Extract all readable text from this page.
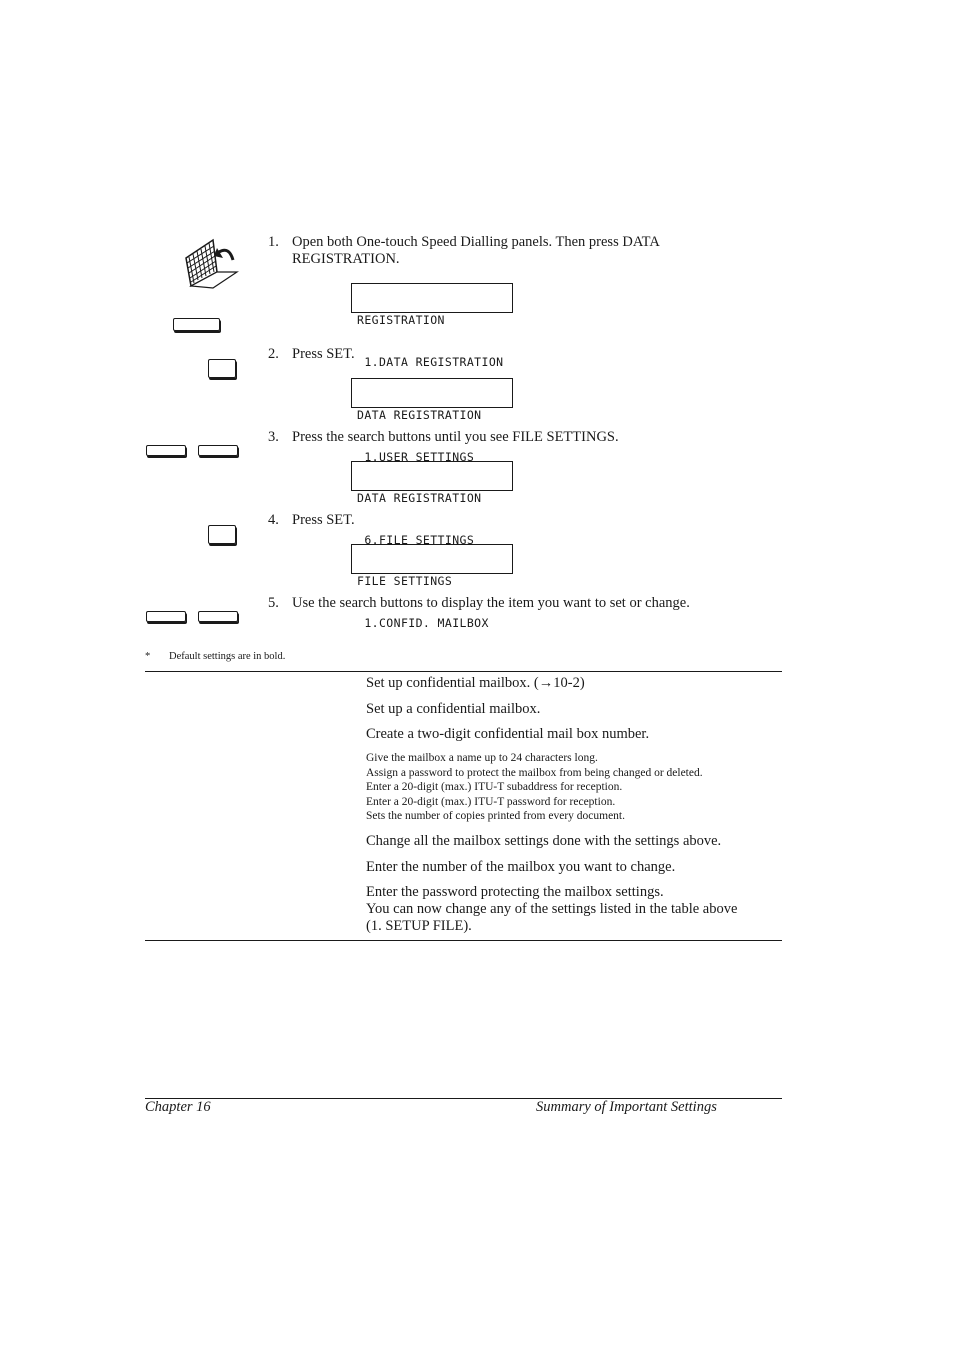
1. Open both One-touch Speed Dialling panels. Then press DATA REGISTRATION.

REGISTRATION

1.DATA REGISTRATION

2. Press SET.

DATA REGISTRATION

1.USER SETTINGS

3. Press the search buttons until you see FILE SETTINGS.

DATA REGISTRATION

6.FILE SETTINGS

4. Press SET.

FILE SETTINGS

1.CONFID. MAILBOX

5. Use the search buttons to display the item you want to set or change.
* Default settings are in bold.
Set up confidential mailbox. (→10-2)
Set up a confidential mailbox.
Create a two-digit confidential mail box number.
Give the mailbox a name up to 24 characters long.
Assign a password to protect the mailbox from being changed or deleted.
Enter a 20-digit (max.) ITU-T subaddress for reception.
Enter a 20-digit (max.) ITU-T password for reception.
Sets the number of copies printed from every document.
Change all the mailbox settings done with the settings above.
Enter the number of the mailbox you want to change.
Enter the password protecting the mailbox settings.
You can now change any of the settings listed in the table above
(1. SETUP FILE).
Chapter 16	Summary of Important Settings
